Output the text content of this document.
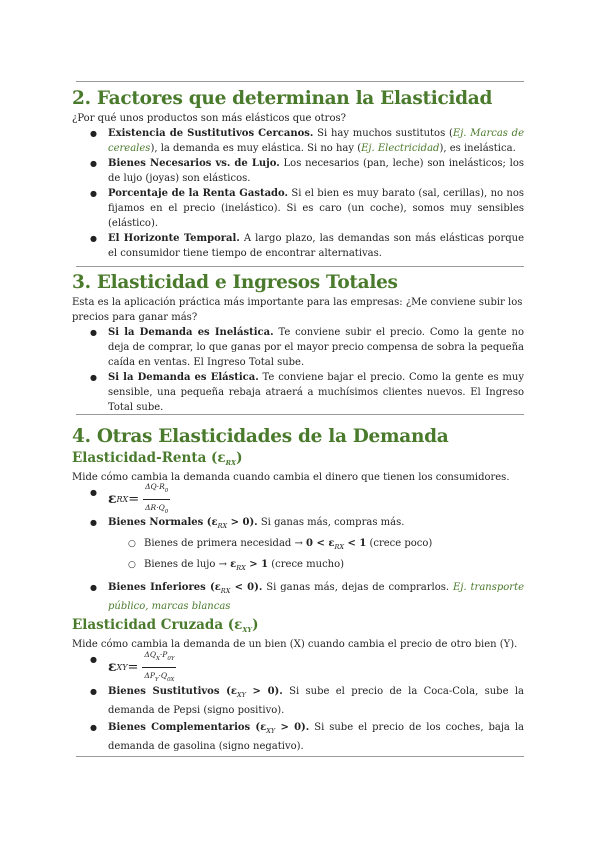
2. Factores que determinan la Elasticidad

¿Por qué unos productos son más elásticos que otros?

● Existencia de Sustitutivos Cercanos. Si hay muchos sustitutos (Ej. Marcas de cereales), la demanda es muy elástica. Si no hay (Ej. Electricidad), es inelástica.
● Bienes Necesarios vs. de Lujo. Los necesarios (pan, leche) son inelásticos; los de lujo (joyas) son elásticos.
● Porcentaje de la Renta Gastado. Si el bien es muy barato (sal, cerillas), no nos fijamos en el precio (inelástico). Si es caro (un coche), somos muy sensibles (elástico).
● El Horizonte Temporal. A largo plazo, las demandas son más elásticas porque el consumidor tiene tiempo de encontrar alternativas.
3. Elasticidad e Ingresos Totales

Esta es la aplicación práctica más importante para las empresas: ¿Me conviene subir los precios para ganar más?

● Si la Demanda es Inelástica. Te conviene subir el precio. Como la gente no deja de comprar, lo que ganas por el mayor precio compensa de sobra la pequeña caída en ventas. El Ingreso Total sube.
● Si la Demanda es Elástica. Te conviene bajar el precio. Como la gente es muy sensible, una pequeña rebaja atraerá a muchísimos clientes nuevos. El Ingreso Total sube.
4. Otras Elasticidades de la Demanda
Elasticidad-Renta $(\varepsilon_{RX})$

Mide cómo cambia la demanda cuando cambia el dinero que tienen los consumidores.

● ε RX = $\frac{\Delta Q\cdot R_0}{\Delta R\cdot Q_0}$
● Bienes Normales $(\varepsilon_{RX} > 0)$. Si ganas más, compras más.
○ Bienes de primera necesidad → $0 < \varepsilon_{RX} < 1$ (crece poco)
○ Bienes de lujo → $\varepsilon_{RX} > 1$ (crece mucho)
● Bienes Inferiores $(\varepsilon_{RX} < 0)$. Si ganas más, dejas de comprarlos. Ej. transporte público, marcas blancas
Elasticidad Cruzada $(\varepsilon_{XY})$

Mide cómo cambia la demanda de un bien (X) cuando cambia el precio de otro bien (Y).

● ε XY = $\frac{\Delta Q_X\cdot P_{0Y}}{\Delta P_Y\cdot Q_{0X}}$
● Bienes Sustitutivos $(\varepsilon_{XY} > 0)$. Si sube el precio de la Coca-Cola, sube la demanda de Pepsi (signo positivo).
● Bienes Complementarios $(\varepsilon_{XY} > 0)$. Si sube el precio de los coches, baja la demanda de gasolina (signo negativo).
